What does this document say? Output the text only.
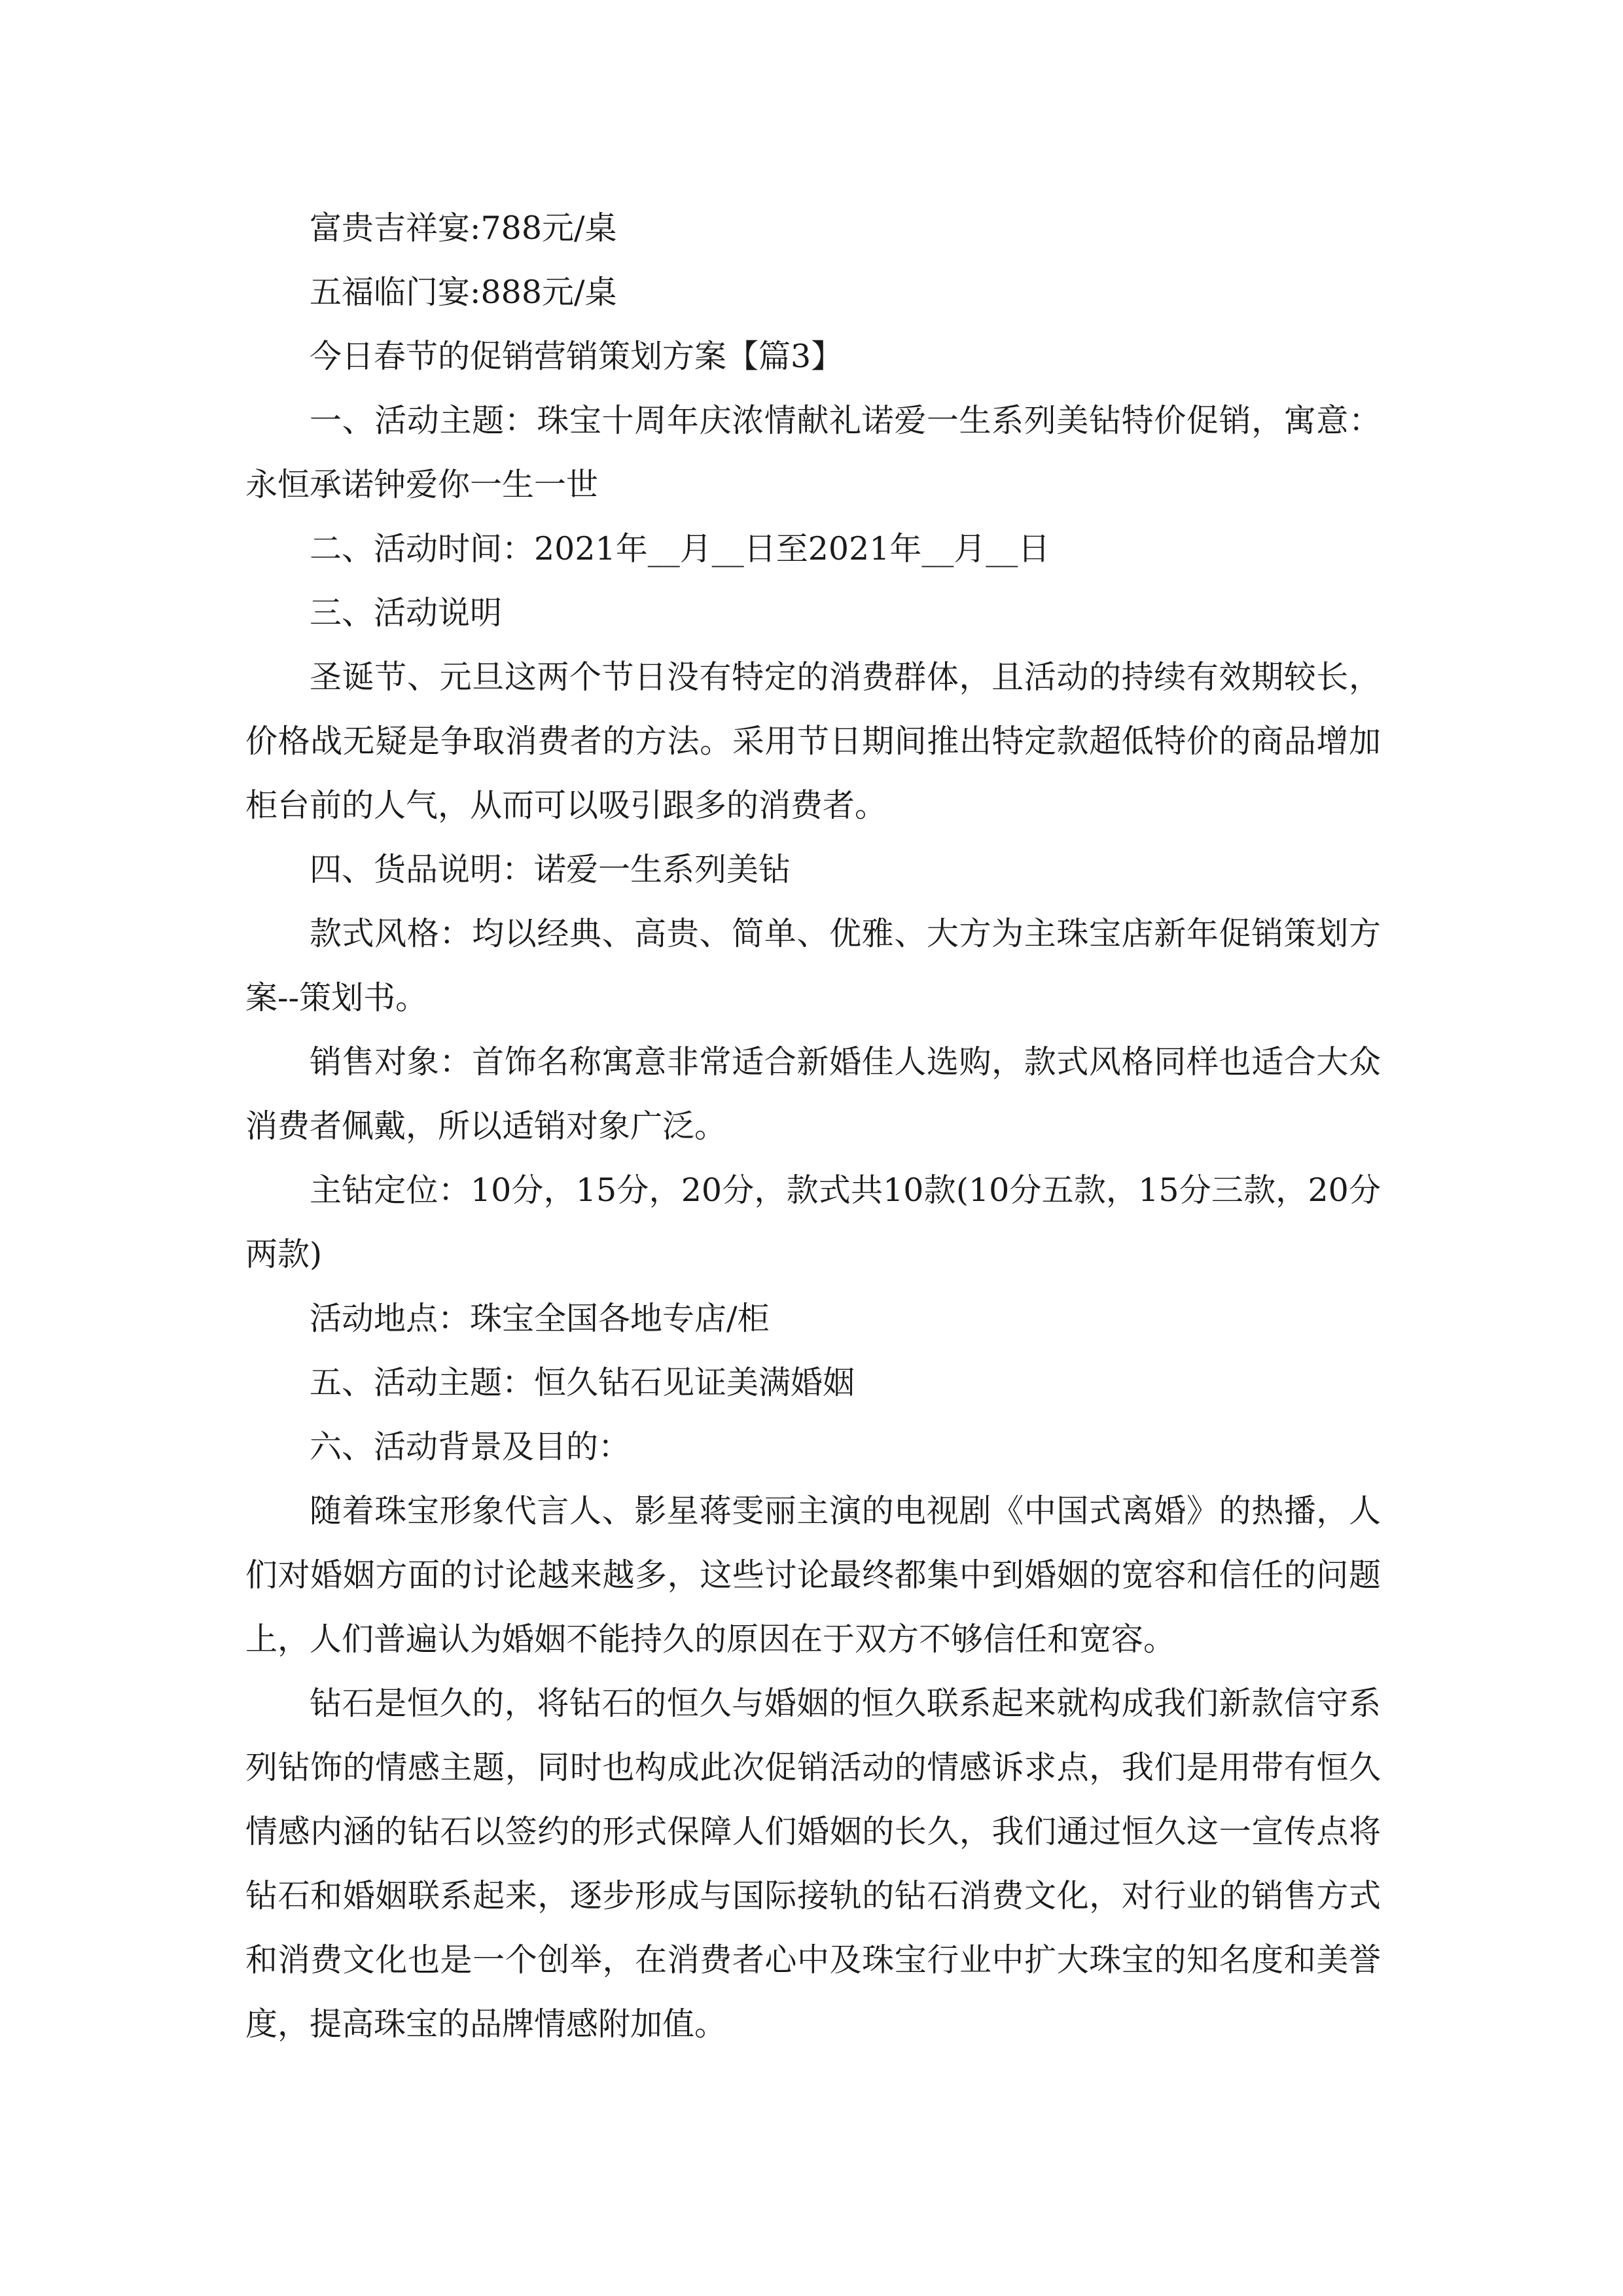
富贵吉祥宴:788元/桌

五福临门宴:888元/桌

今日春节的促销营销策划方案【篇3】

一、活动主题：珠宝十周年庆浓情献礼诺爱一生系列美钻特价促销，寓意：永恒承诺钟爱你一生一世

二、活动时间：2021年__月__日至2021年__月__日

三、活动说明

圣诞节、元旦这两个节日没有特定的消费群体，且活动的持续有效期较长，价格战无疑是争取消费者的方法。采用节日期间推出特定款超低特价的商品增加柜台前的人气，从而可以吸引跟多的消费者。

四、货品说明：诺爱一生系列美钻

款式风格：均以经典、高贵、简单、优雅、大方为主珠宝店新年促销策划方案--策划书。

销售对象：首饰名称寓意非常适合新婚佳人选购，款式风格同样也适合大众消费者佩戴，所以适销对象广泛。

主钻定位：10分，15分，20分，款式共10款(10分五款，15分三款，20分两款)

活动地点：珠宝全国各地专店/柜

五、活动主题：恒久钻石见证美满婚姻

六、活动背景及目的：

随着珠宝形象代言人、影星蒋雯丽主演的电视剧《中国式离婚》的热播，人们对婚姻方面的讨论越来越多，这些讨论最终都集中到婚姻的宽容和信任的问题上，人们普遍认为婚姻不能持久的原因在于双方不够信任和宽容。

钻石是恒久的，将钻石的恒久与婚姻的恒久联系起来就构成我们新款信守系列钻饰的情感主题，同时也构成此次促销活动的情感诉求点，我们是用带有恒久情感内涵的钻石以签约的形式保障人们婚姻的长久，我们通过恒久这一宣传点将钻石和婚姻联系起来，逐步形成与国际接轨的钻石消费文化，对行业的销售方式和消费文化也是一个创举，在消费者心中及珠宝行业中扩大珠宝的知名度和美誉度，提高珠宝的品牌情感附加值。
